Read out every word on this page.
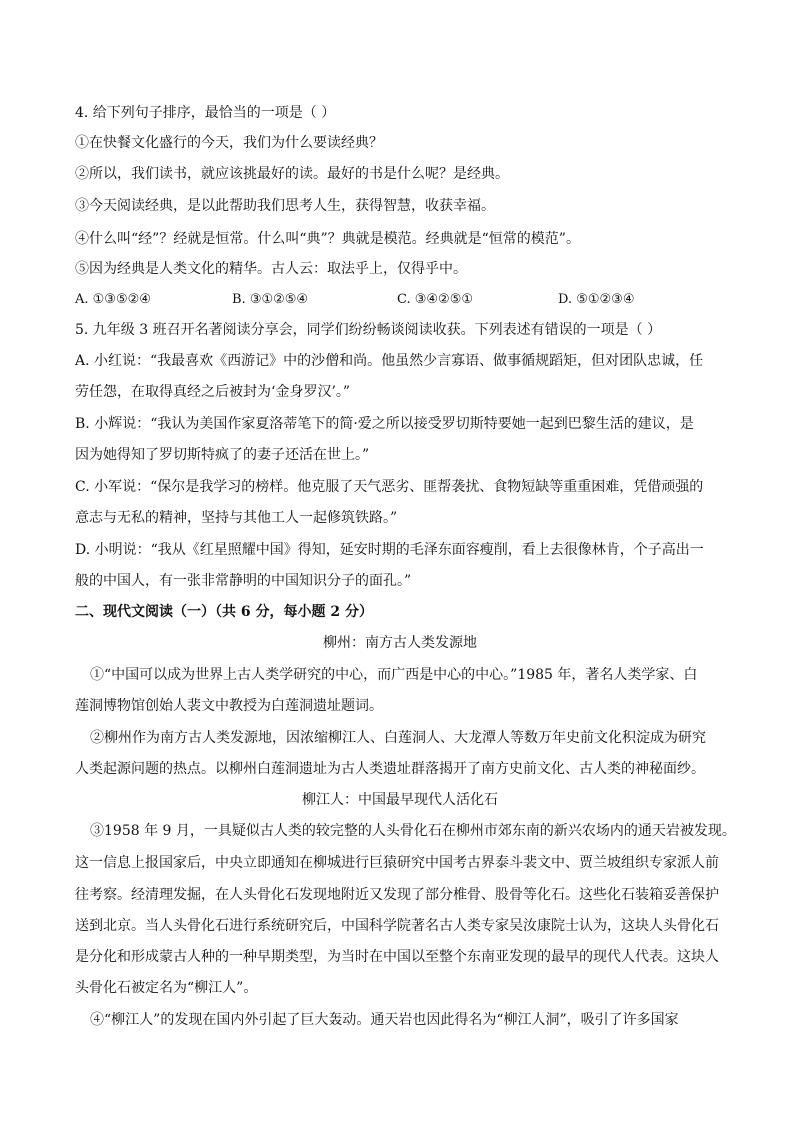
4. 给下列句子排序，最恰当的一项是（ ）
①在快餐文化盛行的今天，我们为什么要读经典？
②所以，我们读书，就应该挑最好的读。最好的书是什么呢？是经典。
③今天阅读经典，是以此帮助我们思考人生，获得智慧，收获幸福。
④什么叫“经”？经就是恒常。什么叫“典”？典就是模范。经典就是“恒常的模范”。
⑤因为经典是人类文化的精华。古人云：取法乎上，仅得乎中。
A. ①③⑤②④	B. ③①②⑤④	C. ③④②⑤①	D. ⑤①②③④
5. 九年级 3 班召开名著阅读分享会，同学们纷纷畅谈阅读收获。下列表述有错误的一项是（ ）
A. 小红说：“我最喜欢《西游记》中的沙僧和尚。他虽然少言寡语、做事循规蹈矩，但对团队忠诚，任
劳任怨，在取得真经之后被封为‘金身罗汉’。”
B. 小辉说：“我认为美国作家夏洛蒂笔下的简·爱之所以接受罗切斯特要她一起到巴黎生活的建议，是
因为她得知了罗切斯特疯了的妻子还活在世上。”
C. 小军说：“保尔是我学习的榜样。他克服了天气恶劣、匪帮袭扰、食物短缺等重重困难，凭借顽强的
意志与无私的精神，坚持与其他工人一起修筑铁路。”
D. 小明说：“我从《红星照耀中国》得知，延安时期的毛泽东面容瘦削，看上去很像林肯，个子高出一
般的中国人，有一张非常静明的中国知识分子的面孔。”
二、现代文阅读（一）（共 6 分，每小题 2 分）
柳州：南方古人类发源地
①“中国可以成为世界上古人类学研究的中心，而广西是中心的中心。”1985 年，著名人类学家、白
莲洞博物馆创始人裴文中教授为白莲洞遗址题词。
②柳州作为南方古人类发源地，因浓缩柳江人、白莲洞人、大龙潭人等数万年史前文化积淀成为研究
人类起源问题的热点。以柳州白莲洞遗址为古人类遗址群落揭开了南方史前文化、古人类的神秘面纱。
柳江人：中国最早现代人活化石
③1958 年 9 月，一具疑似古人类的较完整的人头骨化石在柳州市郊东南的新兴农场内的通天岩被发现。
这一信息上报国家后，中央立即通知在柳城进行巨猿研究中国考古界泰斗裴文中、贾兰坡组织专家派人前
往考察。经清理发掘，在人头骨化石发现地附近又发现了部分椎骨、股骨等化石。这些化石装箱妥善保护
送到北京。当人头骨化石进行系统研究后，中国科学院著名古人类专家吴汝康院士认为，这块人头骨化石
是分化和形成蒙古人种的一种早期类型，为当时在中国以至整个东南亚发现的最早的现代人代表。这块人
头骨化石被定名为“柳江人”。
④“柳江人”的发现在国内外引起了巨大轰动。通天岩也因此得名为“柳江人洞”，吸引了许多国家
